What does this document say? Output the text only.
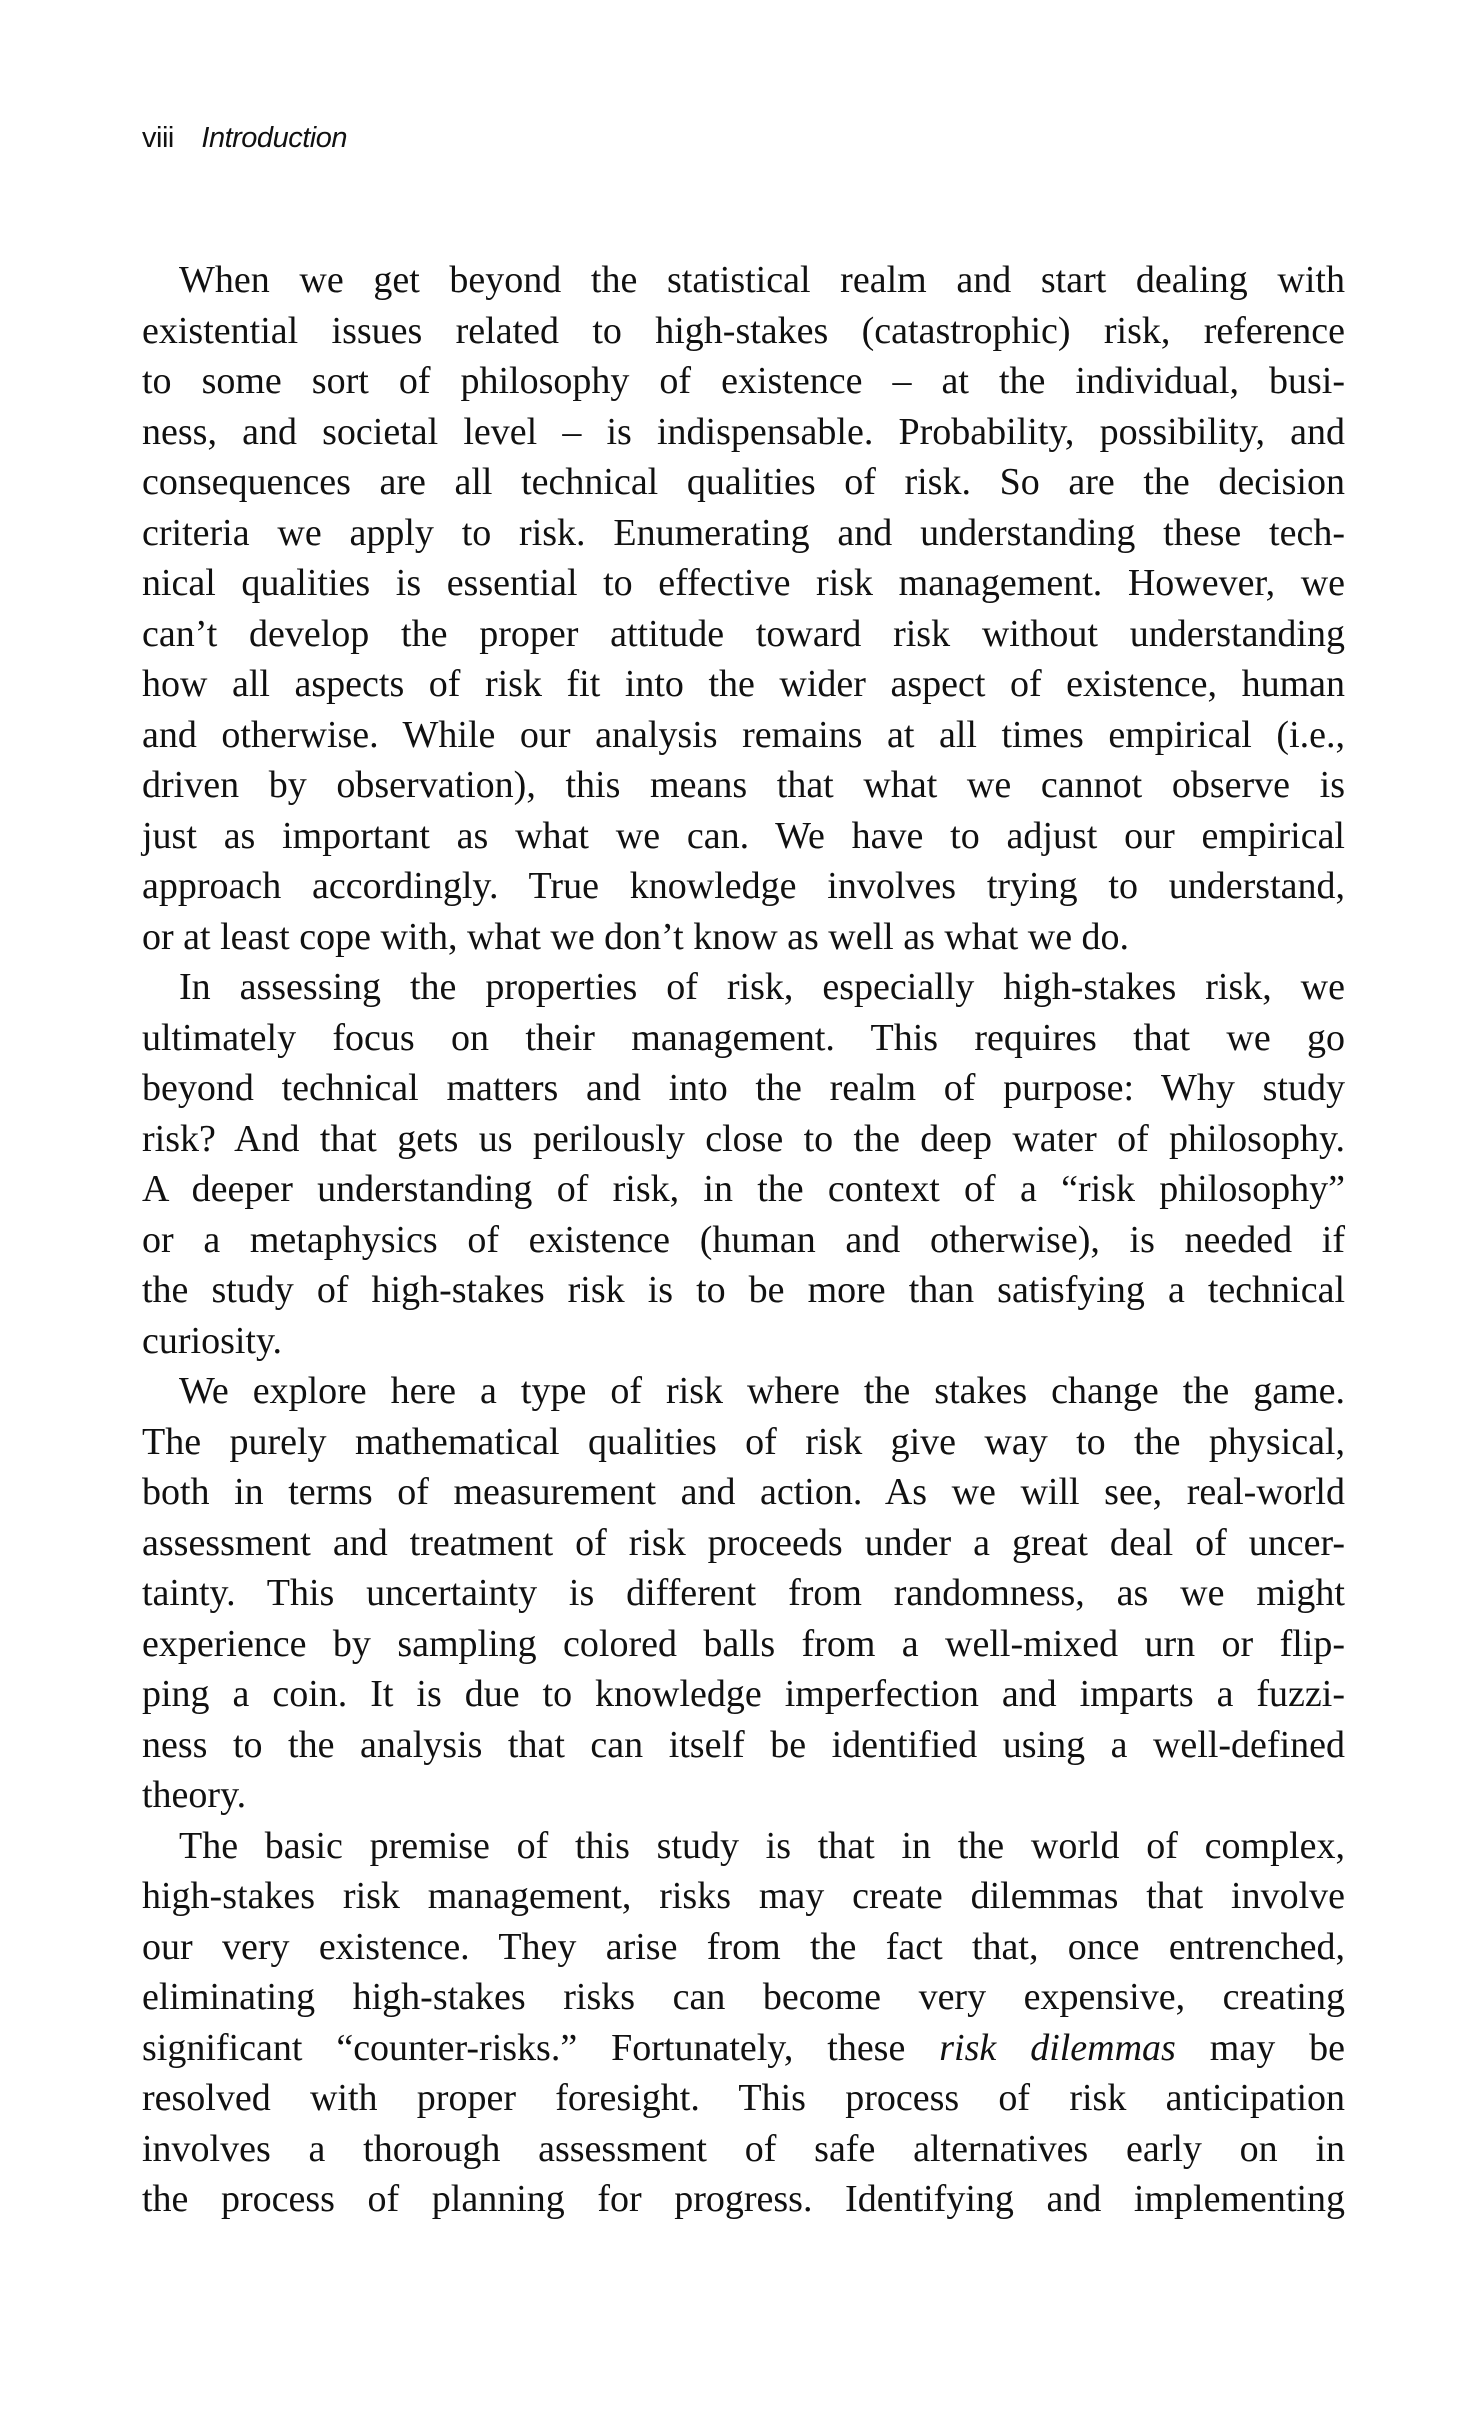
viii Introduction
When we get beyond the statistical realm and start dealing with
existential issues related to high-stakes (catastrophic) risk, reference
to some sort of philosophy of existence – at the individual, busi-
ness, and societal level – is indispensable. Probability, possibility, and
consequences are all technical qualities of risk. So are the decision
criteria we apply to risk. Enumerating and understanding these tech-
nical qualities is essential to effective risk management. However, we
can’t develop the proper attitude toward risk without understanding
how all aspects of risk fit into the wider aspect of existence, human
and otherwise. While our analysis remains at all times empirical (i.e.,
driven by observation), this means that what we cannot observe is
just as important as what we can. We have to adjust our empirical
approach accordingly. True knowledge involves trying to understand,
or at least cope with, what we don’t know as well as what we do.
In assessing the properties of risk, especially high-stakes risk, we
ultimately focus on their management. This requires that we go
beyond technical matters and into the realm of purpose: Why study
risk? And that gets us perilously close to the deep water of philosophy.
A deeper understanding of risk, in the context of a “risk philosophy”
or a metaphysics of existence (human and otherwise), is needed if
the study of high-stakes risk is to be more than satisfying a technical
curiosity.
We explore here a type of risk where the stakes change the game.
The purely mathematical qualities of risk give way to the physical,
both in terms of measurement and action. As we will see, real-world
assessment and treatment of risk proceeds under a great deal of uncer-
tainty. This uncertainty is different from randomness, as we might
experience by sampling colored balls from a well-mixed urn or flip-
ping a coin. It is due to knowledge imperfection and imparts a fuzzi-
ness to the analysis that can itself be identified using a well-defined
theory.
The basic premise of this study is that in the world of complex,
high-stakes risk management, risks may create dilemmas that involve
our very existence. They arise from the fact that, once entrenched,
eliminating high-stakes risks can become very expensive, creating
significant “counter-risks.” Fortunately, these risk dilemmas may be
resolved with proper foresight. This process of risk anticipation
involves a thorough assessment of safe alternatives early on in
the process of planning for progress. Identifying and implementing
